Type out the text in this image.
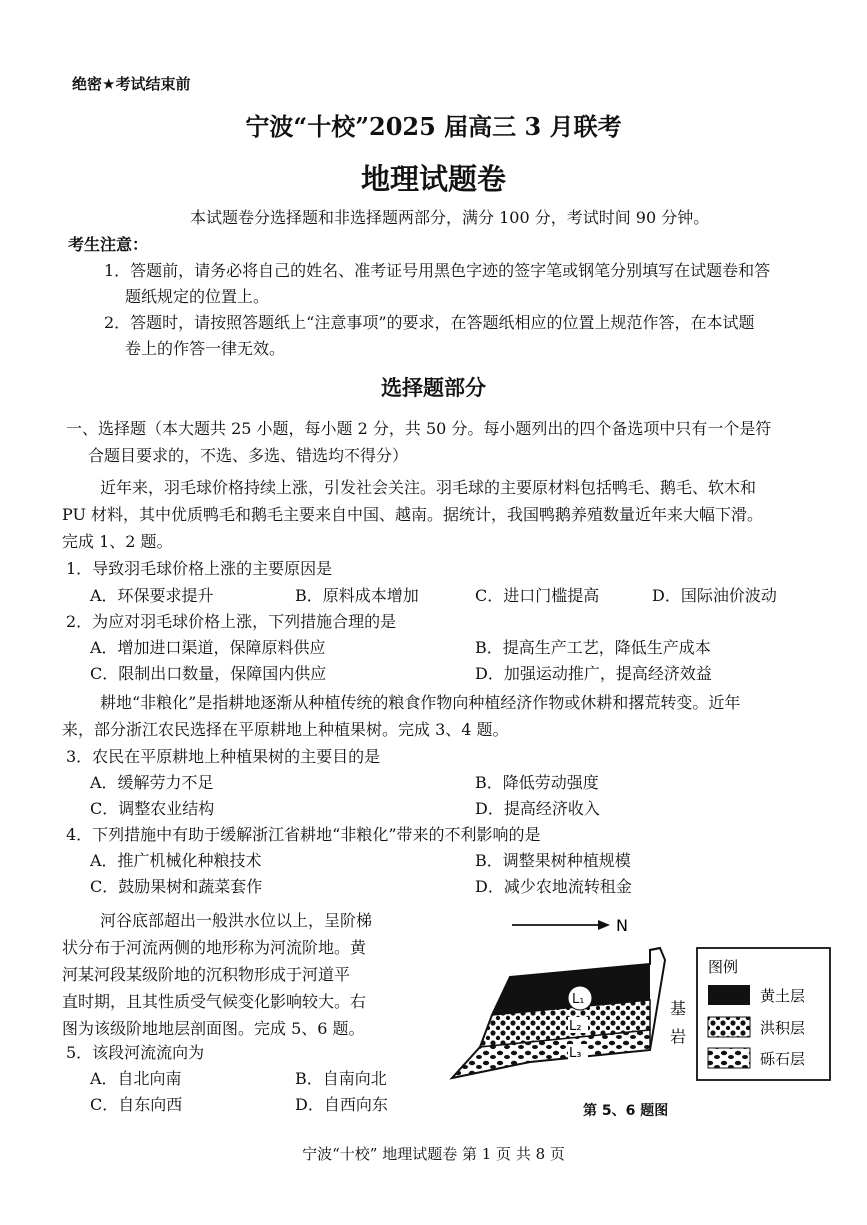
绝密★考试结束前
宁波“十校”2025 届高三 3 月联考
地理试题卷
本试题卷分选择题和非选择题两部分，满分 100 分，考试时间 90 分钟。
考生注意：
1．答题前，请务必将自己的姓名、准考证号用黑色字迹的签字笔或钢笔分别填写在试题卷和答
题纸规定的位置上。
2．答题时，请按照答题纸上“注意事项”的要求，在答题纸相应的位置上规范作答，在本试题
卷上的作答一律无效。
选择题部分
一、选择题（本大题共 25 小题，每小题 2 分，共 50 分。每小题列出的四个备选项中只有一个是符
合题目要求的，不选、多选、错选均不得分）
近年来，羽毛球价格持续上涨，引发社会关注。羽毛球的主要原材料包括鸭毛、鹅毛、软木和
PU 材料，其中优质鸭毛和鹅毛主要来自中国、越南。据统计，我国鸭鹅养殖数量近年来大幅下滑。
完成 1、2 题。
1．导致羽毛球价格上涨的主要原因是
A．环保要求提升	B．原料成本增加	C．进口门槛提高	D．国际油价波动
2．为应对羽毛球价格上涨，下列措施合理的是
A．增加进口渠道，保障原料供应	B．提高生产工艺，降低生产成本
C．限制出口数量，保障国内供应	D．加强运动推广，提高经济效益
耕地“非粮化”是指耕地逐渐从种植传统的粮食作物向种植经济作物或休耕和撂荒转变。近年
来，部分浙江农民选择在平原耕地上种植果树。完成 3、4 题。
3．农民在平原耕地上种植果树的主要目的是
A．缓解劳力不足	B．降低劳动强度
C．调整农业结构	D．提高经济收入
4．下列措施中有助于缓解浙江省耕地“非粮化”带来的不利影响的是
A．推广机械化种粮技术	B．调整果树种植规模
C．鼓励果树和蔬菜套作	D．减少农地流转租金
河谷底部超出一般洪水位以上，呈阶梯
状分布于河流两侧的地形称为河流阶地。黄
河某河段某级阶地的沉积物形成于河道平
直时期，且其性质受气候变化影响较大。右
图为该级阶地地层剖面图。完成 5、6 题。
5．该段河流流向为
A．自北向南	B．自南向北
C．自东向西	D．自西向东
N
L₁
L₂
L₃
基
岩
图例
黄土层
洪积层
砾石层
第 5、6 题图
宁波“十校” 地理试题卷 第 1 页 共 8 页
